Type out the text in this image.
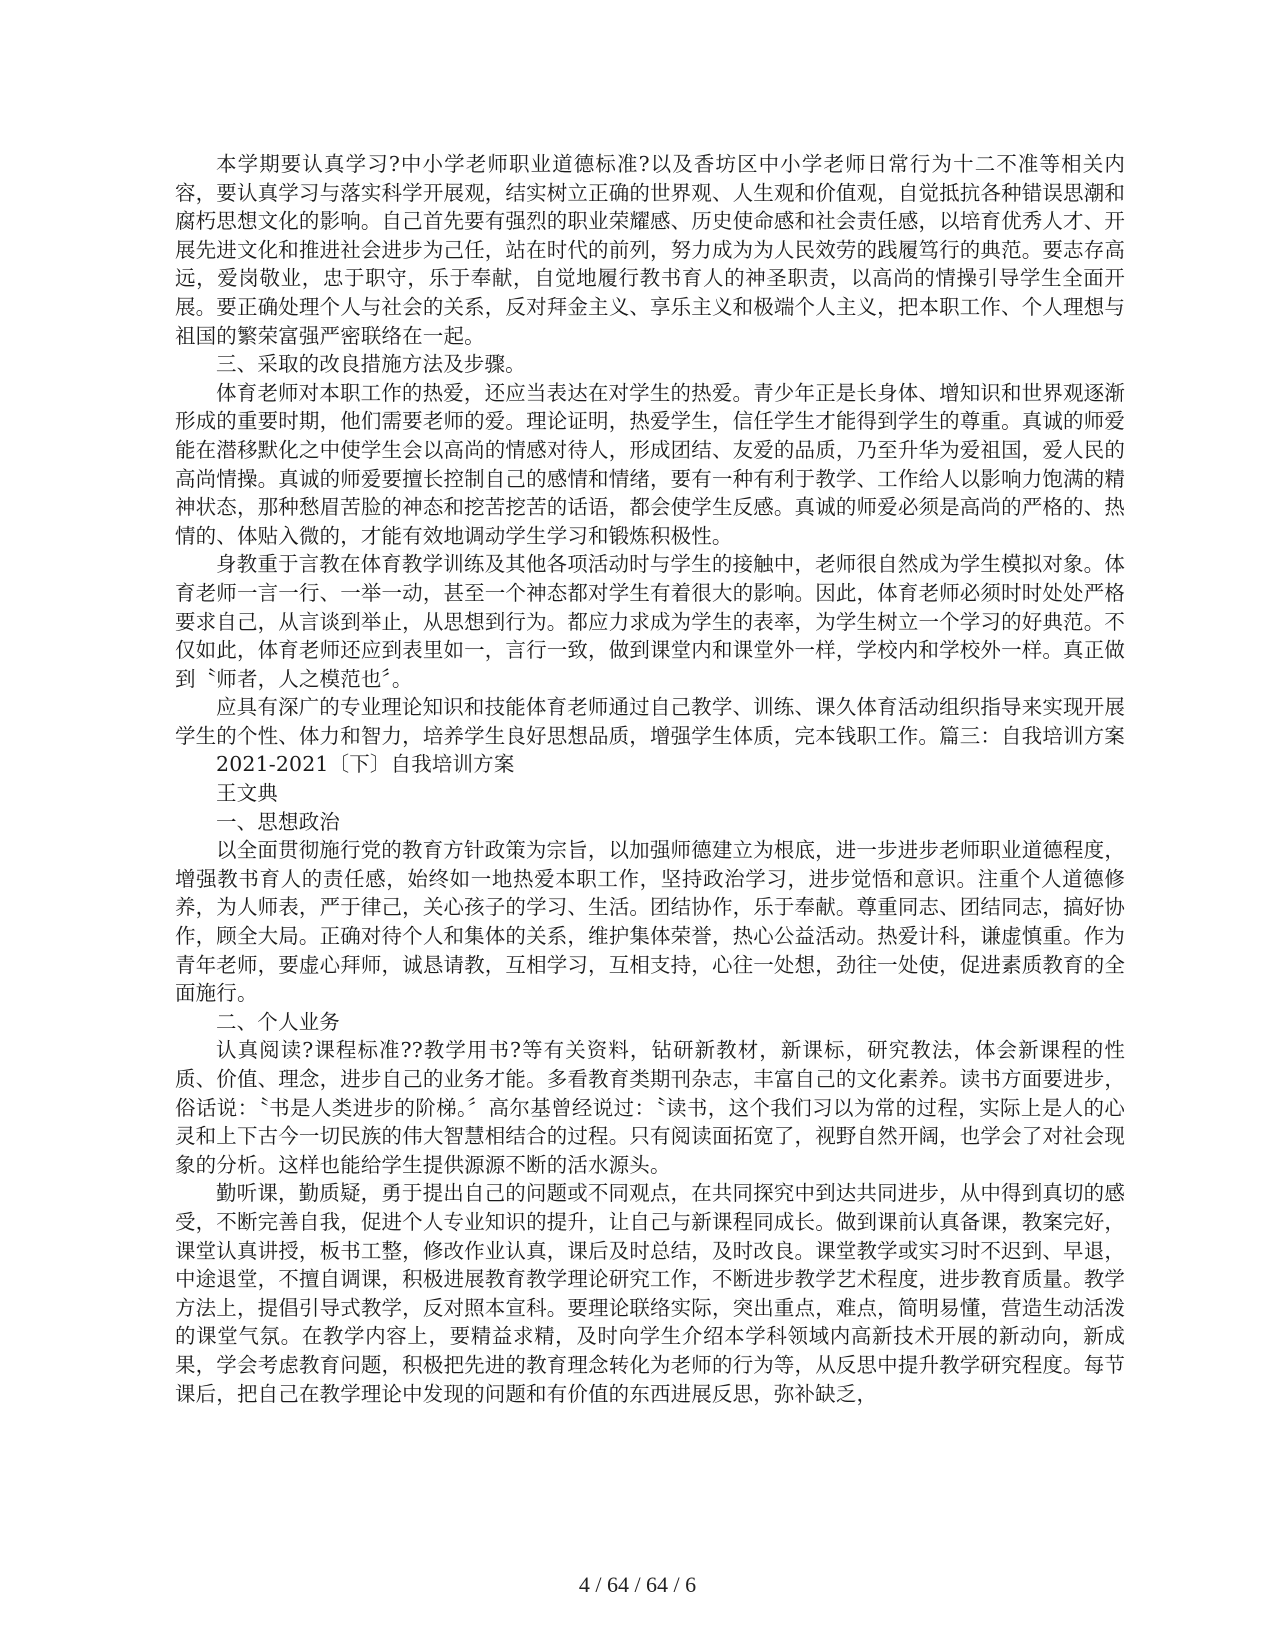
本学期要认真学习?中小学老师职业道德标准?以及香坊区中小学老师日常行为十二不准等相关内容，要认真学习与落实科学开展观，结实树立正确的世界观、人生观和价值观，自觉抵抗各种错误思潮和腐朽思想文化的影响。自己首先要有强烈的职业荣耀感、历史使命感和社会责任感，以培育优秀人才、开展先进文化和推进社会进步为己任，站在时代的前列，努力成为为人民效劳的践履笃行的典范。要志存高远，爱岗敬业，忠于职守，乐于奉献，自觉地履行教书育人的神圣职责，以高尚的情操引导学生全面开展。要正确处理个人与社会的关系，反对拜金主义、享乐主义和极端个人主义，把本职工作、个人理想与祖国的繁荣富强严密联络在一起。

三、采取的改良措施方法及步骤。

体育老师对本职工作的热爱，还应当表达在对学生的热爱。青少年正是长身体、增知识和世界观逐渐形成的重要时期，他们需要老师的爱。理论证明，热爱学生，信任学生才能得到学生的尊重。真诚的师爱能在潜移默化之中使学生会以高尚的情感对待人，形成团结、友爱的品质，乃至升华为爱祖国，爱人民的高尚情操。真诚的师爱要擅长控制自己的感情和情绪，要有一种有利于教学、工作给人以影响力饱满的精神状态，那种愁眉苦脸的神态和挖苦挖苦的话语，都会使学生反感。真诚的师爱必须是高尚的严格的、热情的、体贴入微的，才能有效地调动学生学习和锻炼积极性。

身教重于言教在体育教学训练及其他各项活动时与学生的接触中，老师很自然成为学生模拟对象。体育老师一言一行、一举一动，甚至一个神态都对学生有着很大的影响。因此，体育老师必须时时处处严格要求自己，从言谈到举止，从思想到行为。都应力求成为学生的表率，为学生树立一个学习的好典范。不仅如此，体育老师还应到表里如一，言行一致，做到课堂内和课堂外一样，学校内和学校外一样。真正做到〝师者，人之模范也〞。

应具有深广的专业理论知识和技能体育老师通过自己教学、训练、课久体育活动组织指导来实现开展学生的个性、体力和智力，培养学生良好思想品质，增强学生体质，完本钱职工作。篇三：自我培训方案

2021-2021〔下〕自我培训方案

王文典

一、思想政治

以全面贯彻施行党的教育方针政策为宗旨，以加强师德建立为根底，进一步进步老师职业道德程度，增强教书育人的责任感，始终如一地热爱本职工作，坚持政治学习，进步觉悟和意识。注重个人道德修养，为人师表，严于律己，关心孩子的学习、生活。团结协作，乐于奉献。尊重同志、团结同志，搞好协作，顾全大局。正确对待个人和集体的关系，维护集体荣誉，热心公益活动。热爱计科，谦虚慎重。作为青年老师，要虚心拜师，诚恳请教，互相学习，互相支持，心往一处想，劲往一处使，促进素质教育的全面施行。

二、个人业务

认真阅读?课程标准??教学用书?等有关资料，钻研新教材，新课标，研究教法，体会新课程的性质、价值、理念，进步自己的业务才能。多看教育类期刊杂志，丰富自己的文化素养。读书方面要进步，俗话说：〝书是人类进步的阶梯。〞高尔基曾经说过：〝读书，这个我们习以为常的过程，实际上是人的心灵和上下古今一切民族的伟大智慧相结合的过程。只有阅读面拓宽了，视野自然开阔，也学会了对社会现象的分析。这样也能给学生提供源源不断的活水源头。

勤听课，勤质疑，勇于提出自己的问题或不同观点，在共同探究中到达共同进步，从中得到真切的感受，不断完善自我，促进个人专业知识的提升，让自己与新课程同成长。做到课前认真备课，教案完好，课堂认真讲授，板书工整，修改作业认真，课后及时总结，及时改良。课堂教学或实习时不迟到、早退，中途退堂，不擅自调课，积极进展教育教学理论研究工作，不断进步教学艺术程度，进步教育质量。教学方法上，提倡引导式教学，反对照本宣科。要理论联络实际，突出重点，难点，简明易懂，营造生动活泼的课堂气氛。在教学内容上，要精益求精，及时向学生介绍本学科领域内高新技术开展的新动向，新成果，学会考虑教育问题，积极把先进的教育理念转化为老师的行为等，从反思中提升教学研究程度。每节课后，把自己在教学理论中发现的问题和有价值的东西进展反思，弥补缺乏，

4 / 64 / 64 / 6
